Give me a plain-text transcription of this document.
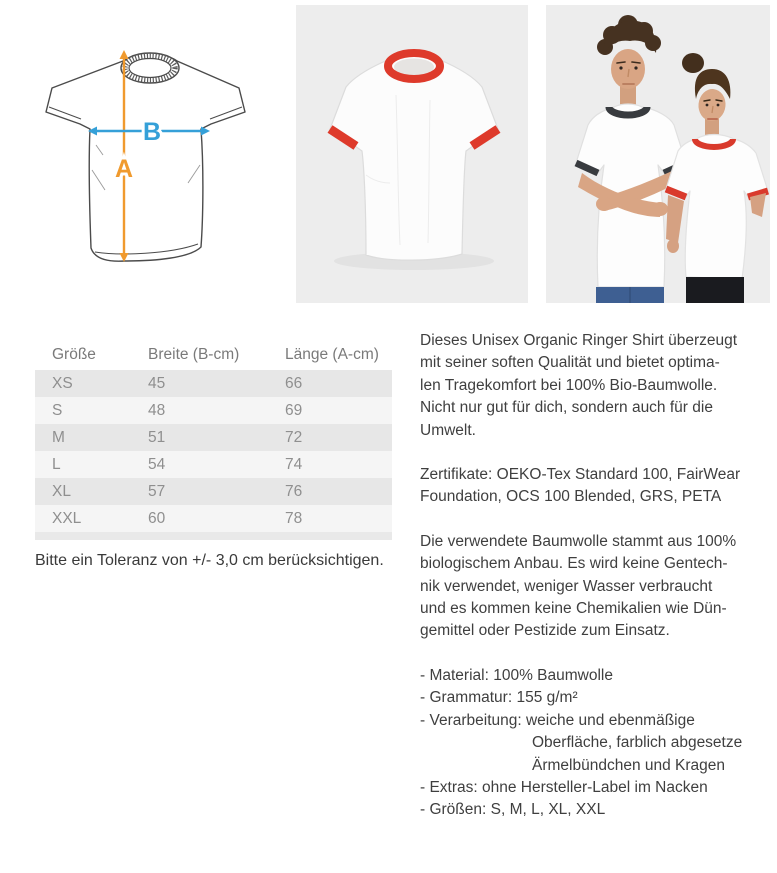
A
B
Größe	Breite (B-cm)	Länge (A-cm)
XS	45	66
S	48	69
M	51	72
L	54	74
XL	57	76
XXL	60	78
Bitte ein Toleranz von +/- 3,0 cm berücksichtigen.
Dieses Unisex Organic Ringer Shirt überzeugt
mit seiner soften Qualität und bietet optima-
len Tragekomfort bei 100% Bio-Baumwolle.
Nicht nur gut für dich, sondern auch für die
Umwelt.
Zertifikate: OEKO-Tex Standard 100, FairWear
Foundation, OCS 100 Blended, GRS, PETA
Die verwendete Baumwolle stammt aus 100%
biologischem Anbau. Es wird keine Gentech-
nik verwendet, weniger Wasser verbraucht
und es kommen keine Chemikalien wie Dün-
gemittel oder Pestizide zum Einsatz.
- Material: 100% Baumwolle
- Grammatur: 155 g/m²
- Verarbeitung: weiche und ebenmäßige
Oberfläche, farblich abgesetze
Ärmelbündchen und Kragen
- Extras: ohne Hersteller-Label im Nacken
- Größen: S, M, L, XL, XXL
